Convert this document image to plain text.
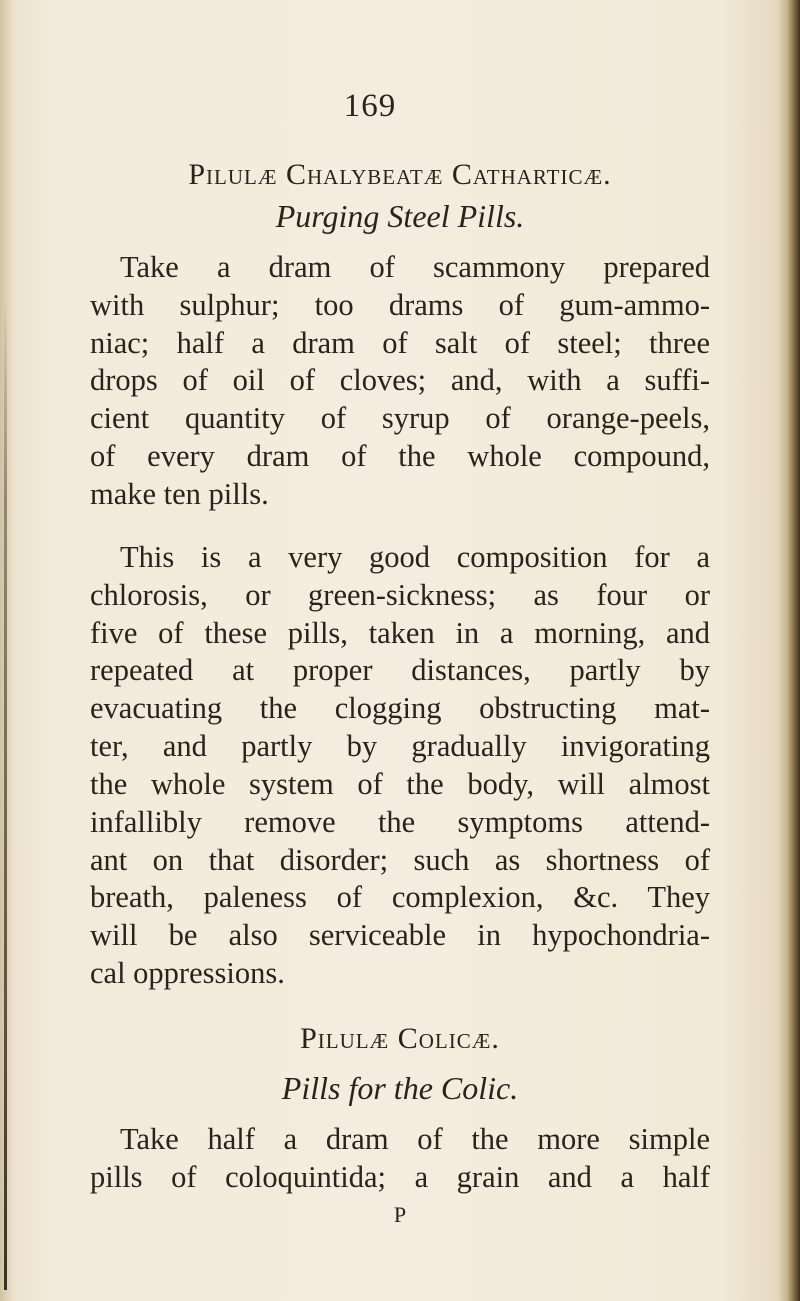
169
Pilulæ Chalybeatæ Catharticæ.
Purging Steel Pills.
Take a dram of scammony prepared
with sulphur; too drams of gum-ammo-
niac; half a dram of salt of steel; three
drops of oil of cloves; and, with a suffi-
cient quantity of syrup of orange-peels,
of every dram of the whole compound,
make ten pills.
This is a very good composition for a
chlorosis, or green-sickness; as four or
five of these pills, taken in a morning, and
repeated at proper distances, partly by
evacuating the clogging obstructing mat-
ter, and partly by gradually invigorating
the whole system of the body, will almost
infallibly remove the symptoms attend-
ant on that disorder; such as shortness of
breath, paleness of complexion, &c. They
will be also serviceable in hypochondria-
cal oppressions.
Pilulæ Colicæ.
Pills for the Colic.
Take half a dram of the more simple
pills of coloquintida; a grain and a half
P
